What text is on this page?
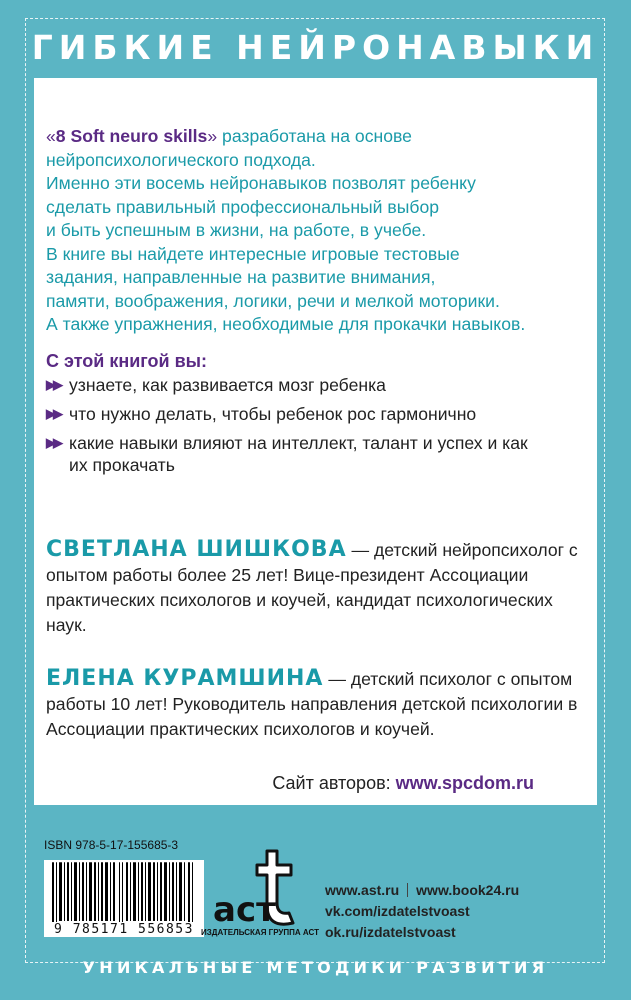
ГИБКИЕ НЕЙРОНАВЫКИ
«8 Soft neuro skills» разработана на основе
нейропсихологического подхода.
Именно эти восемь нейронавыков позволят ребенку
сделать правильный профессиональный выбор
и быть успешным в жизни, на работе, в учебе.
В книге вы найдете интересные игровые тестовые
задания, направленные на развитие внимания,
памяти, воображения, логики, речи и мелкой моторики.
А также упражнения, необходимые для прокачки навыков.
С этой книгой вы:
▶▶ узнаете, как развивается мозг ребенка
▶▶ что нужно делать, чтобы ребенок рос гармонично
▶▶ какие навыки влияют на интеллект, талант и успех и как их прокачать
СВЕТЛАНА ШИШКОВА — детский нейропсихолог с опытом работы более 25 лет! Вице-президент Ассоциации практических психологов и коучей, кандидат психологических наук.
ЕЛЕНА КУРАМШИНА — детский психолог с опытом работы 10 лет! Руководитель направления детской психологии в Ассоциации практических психологов и коучей.
Сайт авторов: www.spcdom.ru
ISBN 978-5-17-155685-3
9 785171 556853 аст
ИЗДАТЕЛЬСКАЯ ГРУППА АСТ
www.ast.ru www.book24.ru
vk.com/izdatelstvoast
ok.ru/izdatelstvoast
УНИКАЛЬНЫЕ МЕТОДИКИ РАЗВИТИЯ
